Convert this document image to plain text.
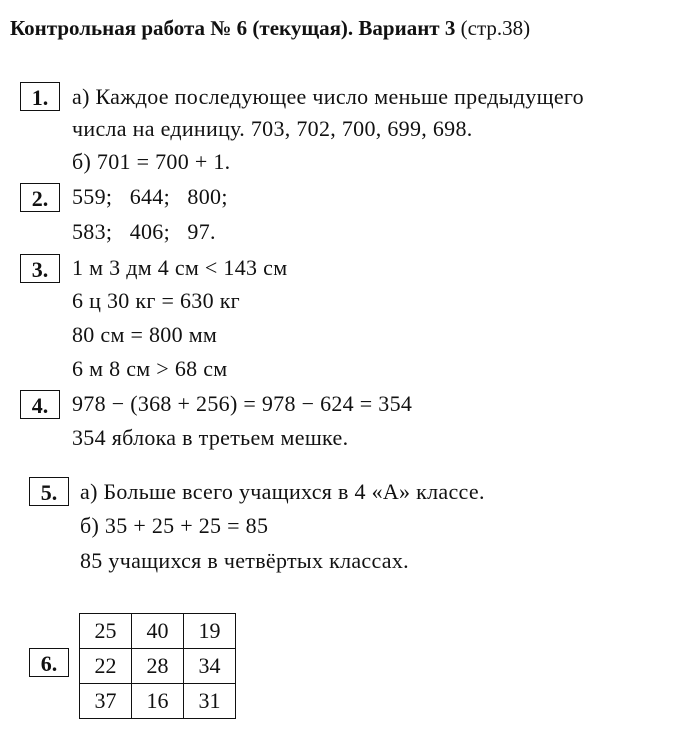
Контрольная работа № 6 (текущая). Вариант 3 (стр.38)
1.	а) Каждое последующее число меньше предыдущего
числа на единицу. 703, 702, 700, 699, 698.
б) 701 = 700 + 1.
2.	559;   644;   800;
583;   406;   97.
3.	1 м 3 дм 4 см < 143 см
6 ц 30 кг = 630 кг
80 см = 800 мм
6 м 8 см > 68 см
4.	978 − (368 + 256) = 978 − 624 = 354
354 яблока в третьем мешке.
5.	а) Больше всего учащихся в 4 «А» классе.
б) 35 + 25 + 25 = 85
85 учащихся в четвёртых классах.
6.
25	40	19
22	28	34
37	16	31
